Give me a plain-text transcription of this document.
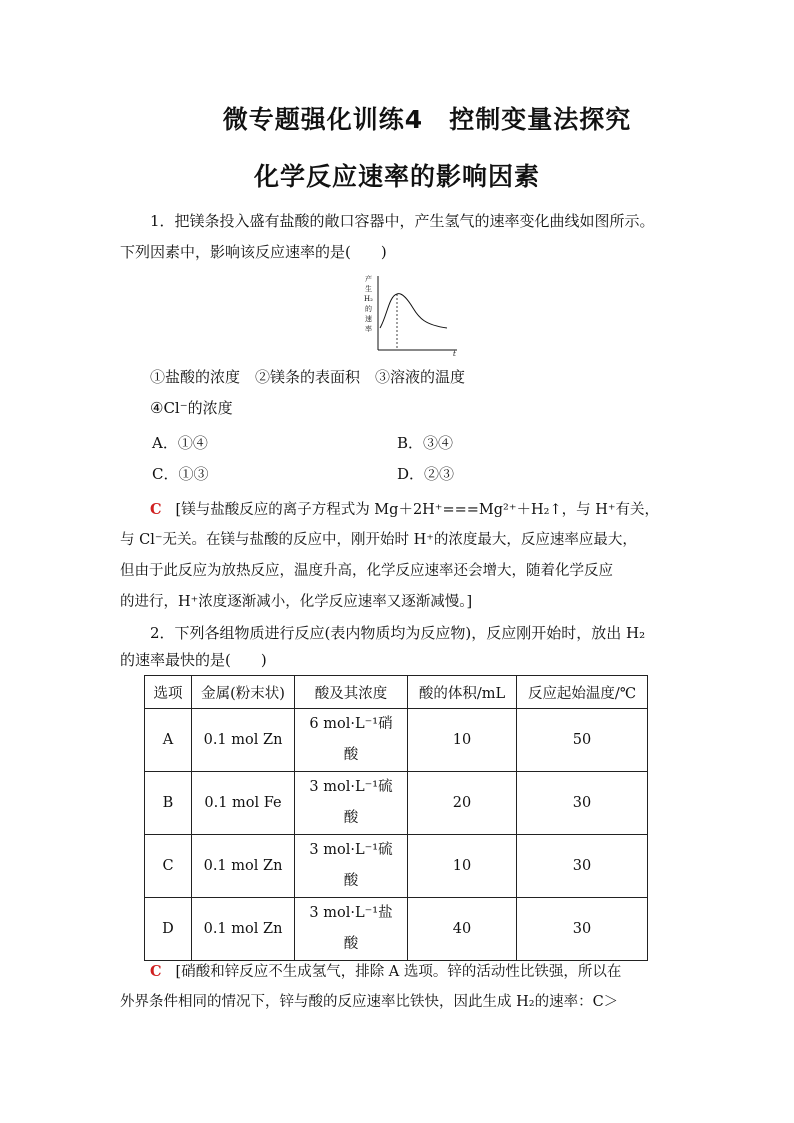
微专题强化训练4　控制变量法探究
化学反应速率的影响因素
1．把镁条投入盛有盐酸的敞口容器中，产生氢气的速率变化曲线如图所示。
下列因素中，影响该反应速率的是(　　)
产
生
H₂
的
速
率
t
①盐酸的浓度　②镁条的表面积　③溶液的温度
④Cl⁻的浓度
A．①④	B．③④
C．①③	D．②③
C [镁与盐酸反应的离子方程式为 Mg＋2H⁺===Mg²⁺＋H₂↑，与 H⁺有关，
与 Cl⁻无关。在镁与盐酸的反应中，刚开始时 H⁺的浓度最大，反应速率应最大，
但由于此反应为放热反应，温度升高，化学反应速率还会增大，随着化学反应
的进行，H⁺浓度逐渐减小，化学反应速率又逐渐减慢。]
2．下列各组物质进行反应(表内物质均为反应物)，反应刚开始时，放出 H₂
的速率最快的是(　　)
选项	金属(粉末状)	酸及其浓度	酸的体积/mL	反应起始温度/℃
A	0.1 mol Zn	6 mol·L⁻¹硝
酸	10	50
B	0.1 mol Fe	3 mol·L⁻¹硫
酸	20	30
C	0.1 mol Zn	3 mol·L⁻¹硫
酸	10	30
D	0.1 mol Zn	3 mol·L⁻¹盐
酸	40	30
C [硝酸和锌反应不生成氢气，排除 A 选项。锌的活动性比铁强，所以在
外界条件相同的情况下，锌与酸的反应速率比铁快，因此生成 H₂的速率：C＞
